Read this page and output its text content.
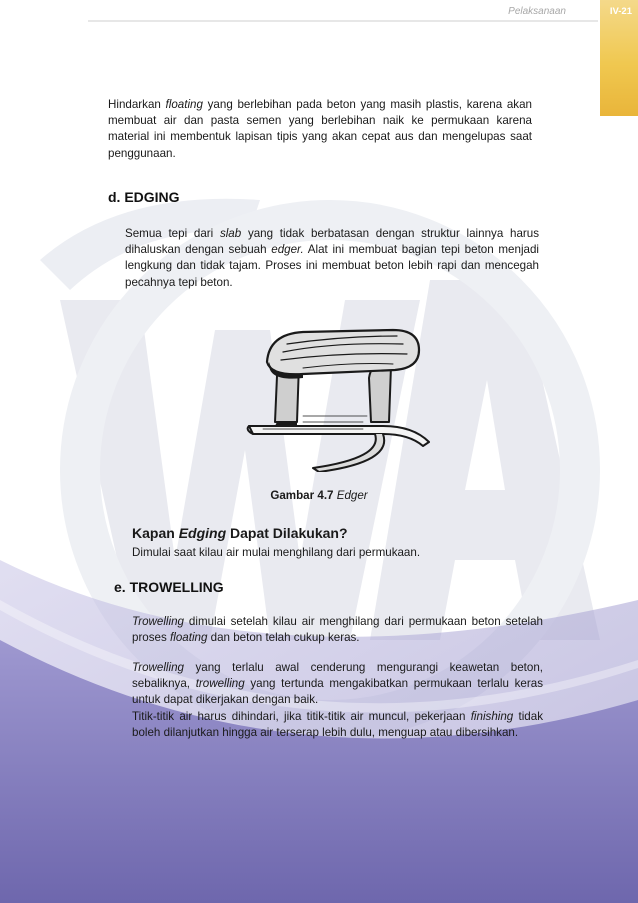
Pelaksanaan	IV-21

Hindarkan floating yang berlebihan pada beton yang masih plastis, karena akan membuat air dan pasta semen yang berlebihan naik ke permukaan karena material ini membentuk lapisan tipis yang akan cepat aus dan mengelupas saat penggunaan.

d. EDGING

Semua tepi dari slab yang tidak berbatasan dengan struktur lainnya harus dihaluskan dengan sebuah edger. Alat ini membuat bagian tepi beton menjadi lengkung dan tidak tajam. Proses ini membuat beton lebih rapi dan mencegah pecahnya tepi beton.

Gambar 4.7 Edger
Kapan Edging Dapat Dilakukan?

Dimulai saat kilau air mulai menghilang dari permukaan.

e. TROWELLING

Trowelling dimulai setelah kilau air menghilang dari permukaan beton setelah proses floating dan beton telah cukup keras.

Trowelling yang terlalu awal cenderung mengurangi keawetan beton, sebaliknya, trowelling yang tertunda mengakibatkan permukaan terlalu keras untuk dapat dikerjakan dengan baik.

Titik-titik air harus dihindari, jika titik-titik air muncul, pekerjaan finishing tidak boleh dilanjutkan hingga air terserap lebih dulu, menguap atau dibersihkan.
